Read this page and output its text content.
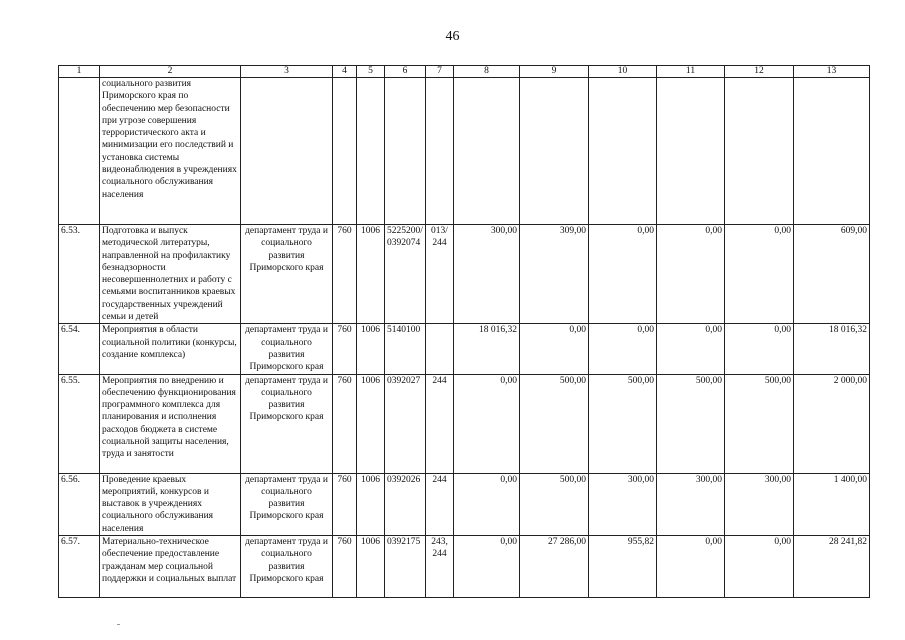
46
1	2	3	4	5	6	7	8	9	10	11	12	13
	социального развития Приморского края по обеспечению мер безопасности при угрозе совершения террористического акта и минимизации его последствий и установка системы видеонаблюдения в учреждениях социального обслуживания населения											
6.53.	Подготовка и выпуск методической литературы, направленной на профилактику безнадзорности несовершеннолетних и работу с семьями воспитанников краевых государственных учреждений семьи и детей	департамент труда и социального развития Приморского края	760	1006	5225200/ 0392074	013/ 244	300,00	309,00	0,00	0,00	0,00	609,00
6.54.	Мероприятия в области социальной политики (конкурсы, создание комплекса)	департамент труда и социального развития Приморского края	760	1006	5140100		18 016,32	0,00	0,00	0,00	0,00	18 016,32
6.55.	Мероприятия по внедрению и обеспечению функционирования программного комплекса для планирования и исполнения расходов бюджета в системе социальной защиты населения, труда и занятости	департамент труда и социального развития Приморского края	760	1006	0392027	244	0,00	500,00	500,00	500,00	500,00	2 000,00
6.56.	Проведение краевых мероприятий, конкурсов и выставок в учреждениях социального обслуживания населения	департамент труда и социального развития Приморского края	760	1006	0392026	244	0,00	500,00	300,00	300,00	300,00	1 400,00
6.57.	Материально-техническое обеспечение предоставление гражданам мер социальной поддержки и социальных выплат	департамент труда и социального развития Приморского края	760	1006	0392175	243, 244	0,00	27 286,00	955,82	0,00	0,00	28 241,82
